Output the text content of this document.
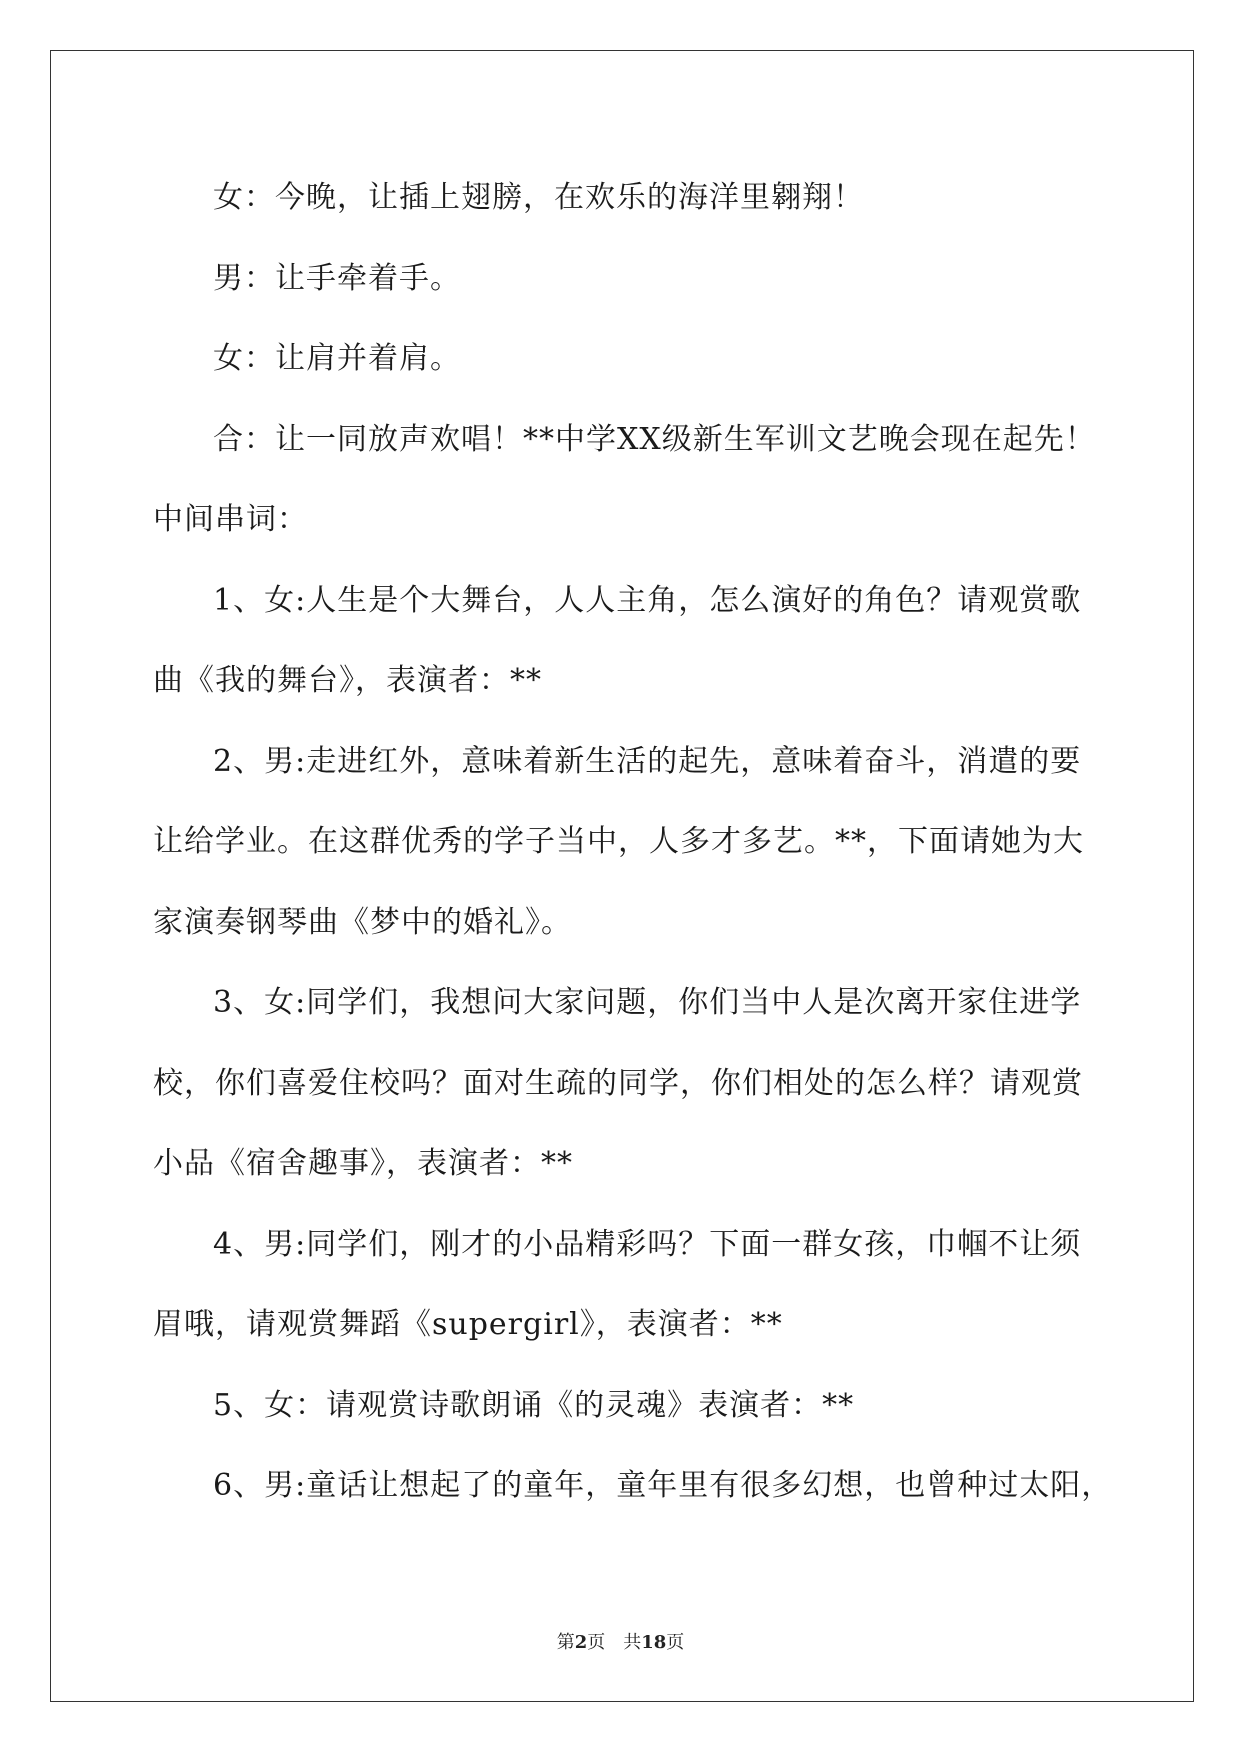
女：今晚，让插上翅膀，在欢乐的海洋里翱翔！
男：让手牵着手。
女：让肩并着肩。
合：让一同放声欢唱！**中学XX级新生军训文艺晚会现在起先！
中间串词：
1、女:人生是个大舞台，人人主角，怎么演好的角色？请观赏歌
曲《我的舞台》，表演者：**
2、男:走进红外，意味着新生活的起先，意味着奋斗，消遣的要
让给学业。在这群优秀的学子当中，人多才多艺。**，下面请她为大
家演奏钢琴曲《梦中的婚礼》。
3、女:同学们，我想问大家问题，你们当中人是次离开家住进学
校，你们喜爱住校吗？面对生疏的同学，你们相处的怎么样？请观赏
小品《宿舍趣事》，表演者：**
4、男:同学们，刚才的小品精彩吗？下面一群女孩，巾帼不让须
眉哦，请观赏舞蹈《supergirl》，表演者：**
5、女：请观赏诗歌朗诵《的灵魂》表演者：**
6、男:童话让想起了的童年，童年里有很多幻想，也曾种过太阳，
第2页　共18页
